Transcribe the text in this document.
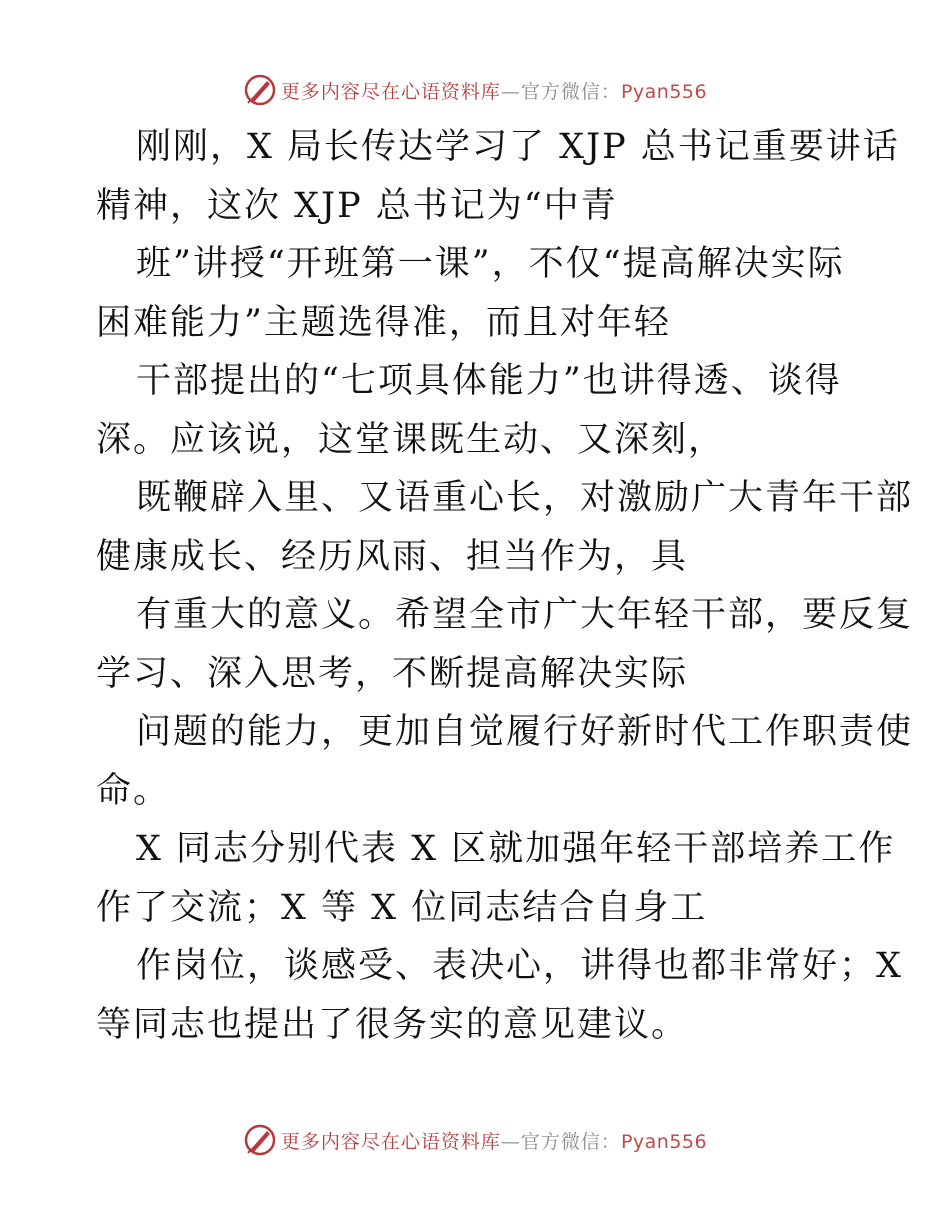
更多内容尽在心语资料库—官方微信：Pyan556
刚刚，X 局长传达学习了 XJP 总书记重要讲话
精神，这次 XJP 总书记为“中青
班”讲授“开班第一课”，不仅“提高解决实际
困难能力”主题选得准，而且对年轻
干部提出的“七项具体能力”也讲得透、谈得
深。应该说，这堂课既生动、又深刻，
既鞭辟入里、又语重心长，对激励广大青年干部
健康成长、经历风雨、担当作为，具
有重大的意义。希望全市广大年轻干部，要反复
学习、深入思考，不断提高解决实际
问题的能力，更加自觉履行好新时代工作职责使
命。
X 同志分别代表 X 区就加强年轻干部培养工作
作了交流；X 等 X 位同志结合自身工
作岗位，谈感受、表决心，讲得也都非常好；X
等同志也提出了很务实的意见建议。
更多内容尽在心语资料库—官方微信：Pyan556
